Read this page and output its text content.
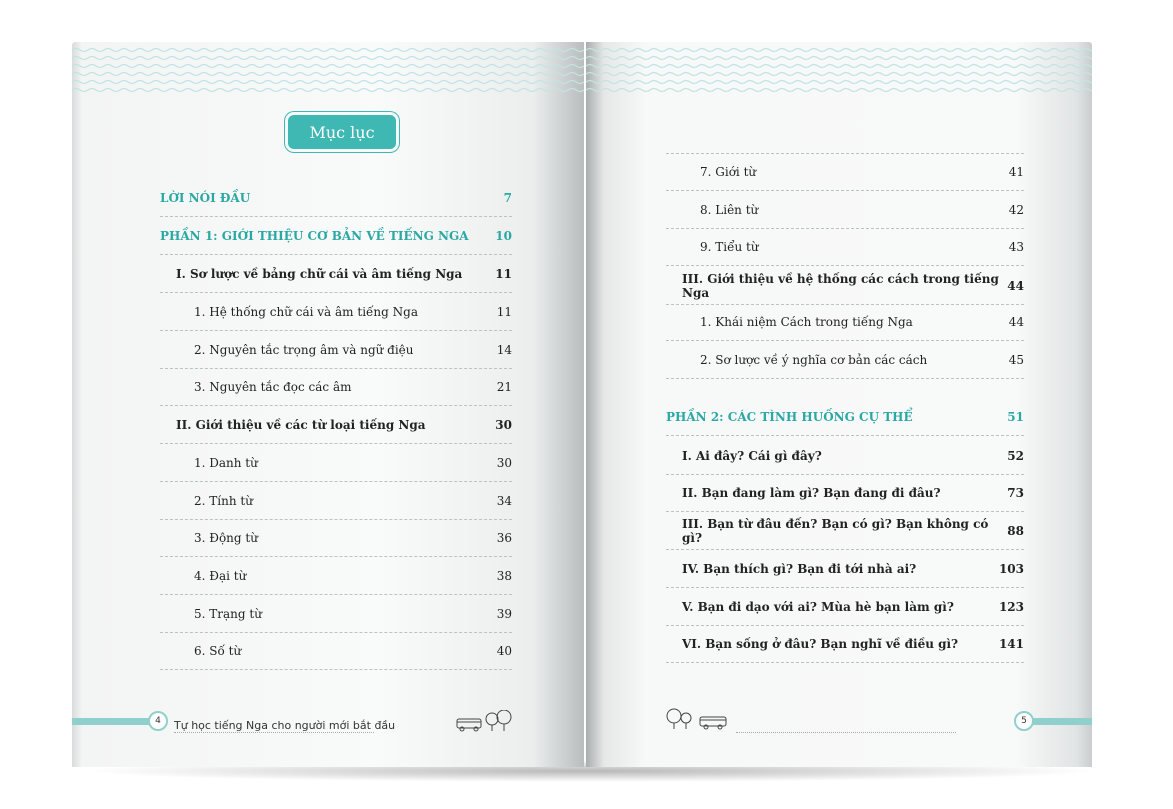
Mục lục
LỜI NÓI ĐẦU	7
PHẦN 1: GIỚI THIỆU CƠ BẢN VỀ TIẾNG NGA 10
I. Sơ lược về bảng chữ cái và âm tiếng Nga	11
1. Hệ thống chữ cái và âm tiếng Nga	11
2. Nguyên tắc trọng âm và ngữ điệu	14
3. Nguyên tắc đọc các âm	21
II. Giới thiệu về các từ loại tiếng Nga	30
1. Danh từ	30
2. Tính từ	34
3. Động từ	36
4. Đại từ	38
5. Trạng từ	39
6. Số từ	40
4	Tự học tiếng Nga cho người mới bắt đầu
7. Giới từ	41
8. Liên từ	42
9. Tiểu từ	43
III. Giới thiệu về hệ thống các cách trong tiếng Nga	44
1. Khái niệm Cách trong tiếng Nga	44
2. Sơ lược về ý nghĩa cơ bản các cách	45
PHẦN 2: CÁC TÌNH HUỐNG CỤ THỂ	51
I. Ai đây? Cái gì đây?	52
II. Bạn đang làm gì? Bạn đang đi đâu?	73
III. Bạn từ đâu đến? Bạn có gì? Bạn không có gì?	88
IV. Bạn thích gì? Bạn đi tới nhà ai?	103
V. Bạn đi dạo với ai? Mùa hè bạn làm gì?	123
VI. Bạn sống ở đâu? Bạn nghĩ về điều gì?	141
5
